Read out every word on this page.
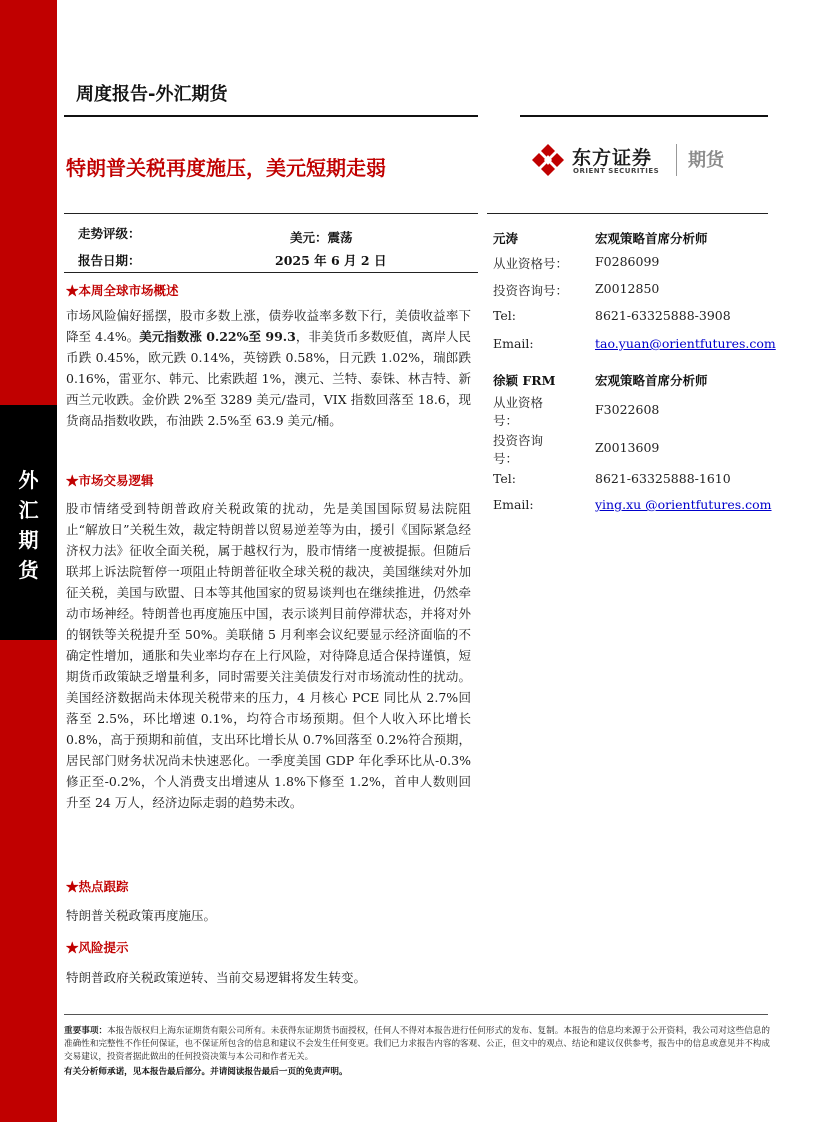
外
汇
期
货
周度报告-外汇期货
特朗普关税再度施压，美元短期走弱	东方证券
ORIENT SECURITIES 期货
走势评级：	美元：震荡
报告日期：	2025 年 6 月 2 日
★本周全球市场概述
市场风险偏好摇摆，股市多数上涨，债券收益率多数下行，美债收益率下降至 4.4%。美元指数涨 0.22%至 99.3，非美货币多数贬值，离岸人民币跌 0.45%，欧元跌 0.14%，英镑跌 0.58%，日元跌 1.02%，瑞郎跌 0.16%，雷亚尔、韩元、比索跌超 1%，澳元、兰特、泰铢、林吉特、新西兰元收跌。金价跌 2%至 3289 美元/盎司，VIX 指数回落至 18.6，现货商品指数收跌，布油跌 2.5%至 63.9 美元/桶。
★市场交易逻辑
股市情绪受到特朗普政府关税政策的扰动，先是美国国际贸易法院阻止“解放日”关税生效，裁定特朗普以贸易逆差等为由，援引《国际紧急经济权力法》征收全面关税，属于越权行为，股市情绪一度被提振。但随后联邦上诉法院暂停一项阻止特朗普征收全球关税的裁决，美国继续对外加征关税，美国与欧盟、日本等其他国家的贸易谈判也在继续推进，仍然牵动市场神经。特朗普也再度施压中国，表示谈判目前停滞状态，并将对外的钢铁等关税提升至 50%。美联储 5 月利率会议纪要显示经济面临的不确定性增加，通胀和失业率均存在上行风险，对待降息适合保持谨慎，短期货币政策缺乏增量利多，同时需要关注美债发行对市场流动性的扰动。美国经济数据尚未体现关税带来的压力，4 月核心 PCE 同比从 2.7%回落至 2.5%，环比增速 0.1%，均符合市场预期。但个人收入环比增长 0.8%，高于预期和前值，支出环比增长从 0.7%回落至 0.2%符合预期，居民部门财务状况尚未快速恶化。一季度美国 GDP 年化季环比从-0.3%修正至-0.2%，个人消费支出增速从 1.8%下修至 1.2%，首申人数则回升至 24 万人，经济边际走弱的趋势未改。
★热点跟踪
特朗普关税政策再度施压。
★风险提示
特朗普政府关税政策逆转、当前交易逻辑将发生转变。
元涛	宏观策略首席分析师
从业资格号： F0286099
投资咨询号： Z0012850
Tel:	8621-63325888-3908
Email:	tao.yuan@orientfutures.com
徐颖 FRM	宏观策略首席分析师
从业资格
号：
F3022608
投资咨询
号：
Z0013609
Tel:	8621-63325888-1610
Email:	ying.xu @orientfutures.com
重要事项：本报告版权归上海东证期货有限公司所有。未获得东证期货书面授权，任何人不得对本报告进行任何形式的发布、复制。本报告的信息均来源于公开资料，我公司对这些信息的准确性和完整性不作任何保证，也不保证所包含的信息和建议不会发生任何变更。我们已力求报告内容的客观、公正，但文中的观点、结论和建议仅供参考，报告中的信息或意见并不构成交易建议，投资者据此做出的任何投资决策与本公司和作者无关。
有关分析师承诺，见本报告最后部分。并请阅读报告最后一页的免责声明。
